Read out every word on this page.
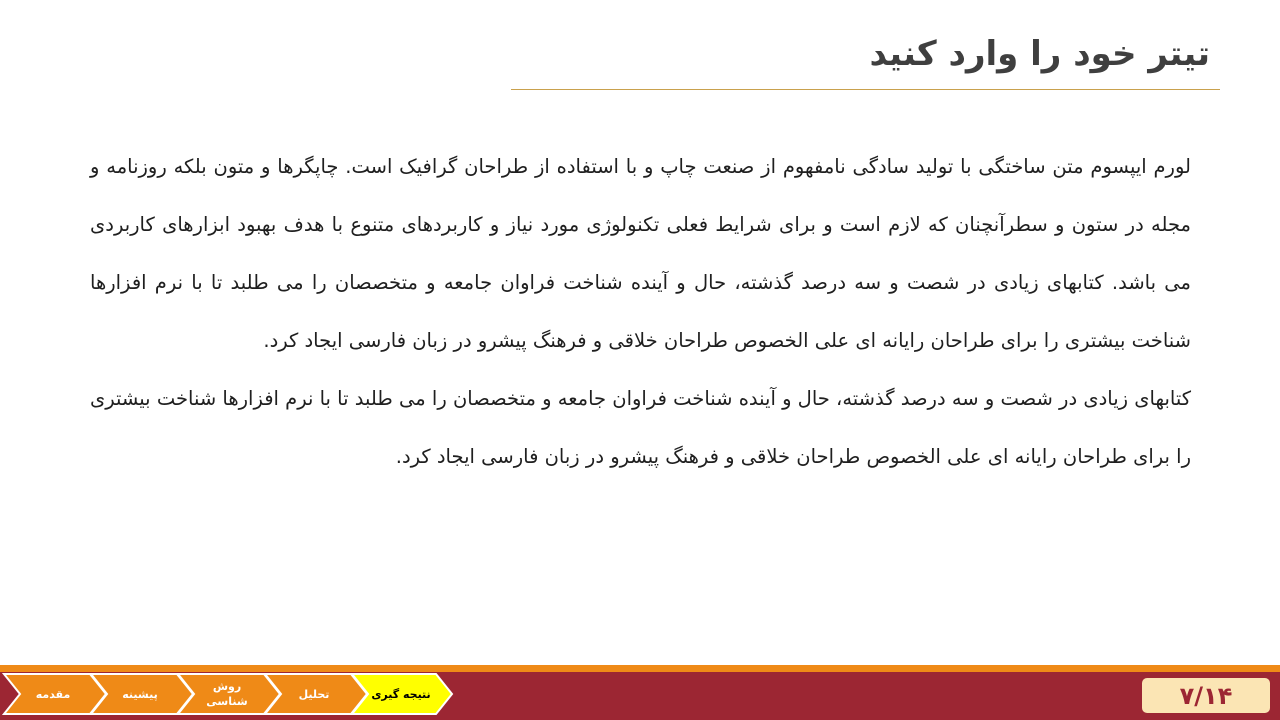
تیتر خود را وارد کنید

لورم ایپسوم متن ساختگی با تولید سادگی نامفهوم از صنعت چاپ و با استفاده از طراحان گرافیک است. چاپگرها و متون بلکه روزنامه و مجله در ستون و سطرآنچنان که لازم است و برای شرایط فعلی تکنولوژی مورد نیاز و کاربردهای متنوع با هدف بهبود ابزارهای کاربردی می باشد. کتابهای زیادی در شصت و سه درصد گذشته، حال و آینده شناخت فراوان جامعه و متخصصان را می طلبد تا با نرم افزارها شناخت بیشتری را برای طراحان رایانه ای علی الخصوص طراحان خلاقی و فرهنگ پیشرو در زبان فارسی ایجاد کرد.

کتابهای زیادی در شصت و سه درصد گذشته، حال و آینده شناخت فراوان جامعه و متخصصان را می طلبد تا با نرم افزارها شناخت بیشتری را برای طراحان رایانه ای علی الخصوص طراحان خلاقی و فرهنگ پیشرو در زبان فارسی ایجاد کرد.

مقدمه	پیشینه
روش شناسی
تحلیل	نتیجه گیری	۷/۱۴
